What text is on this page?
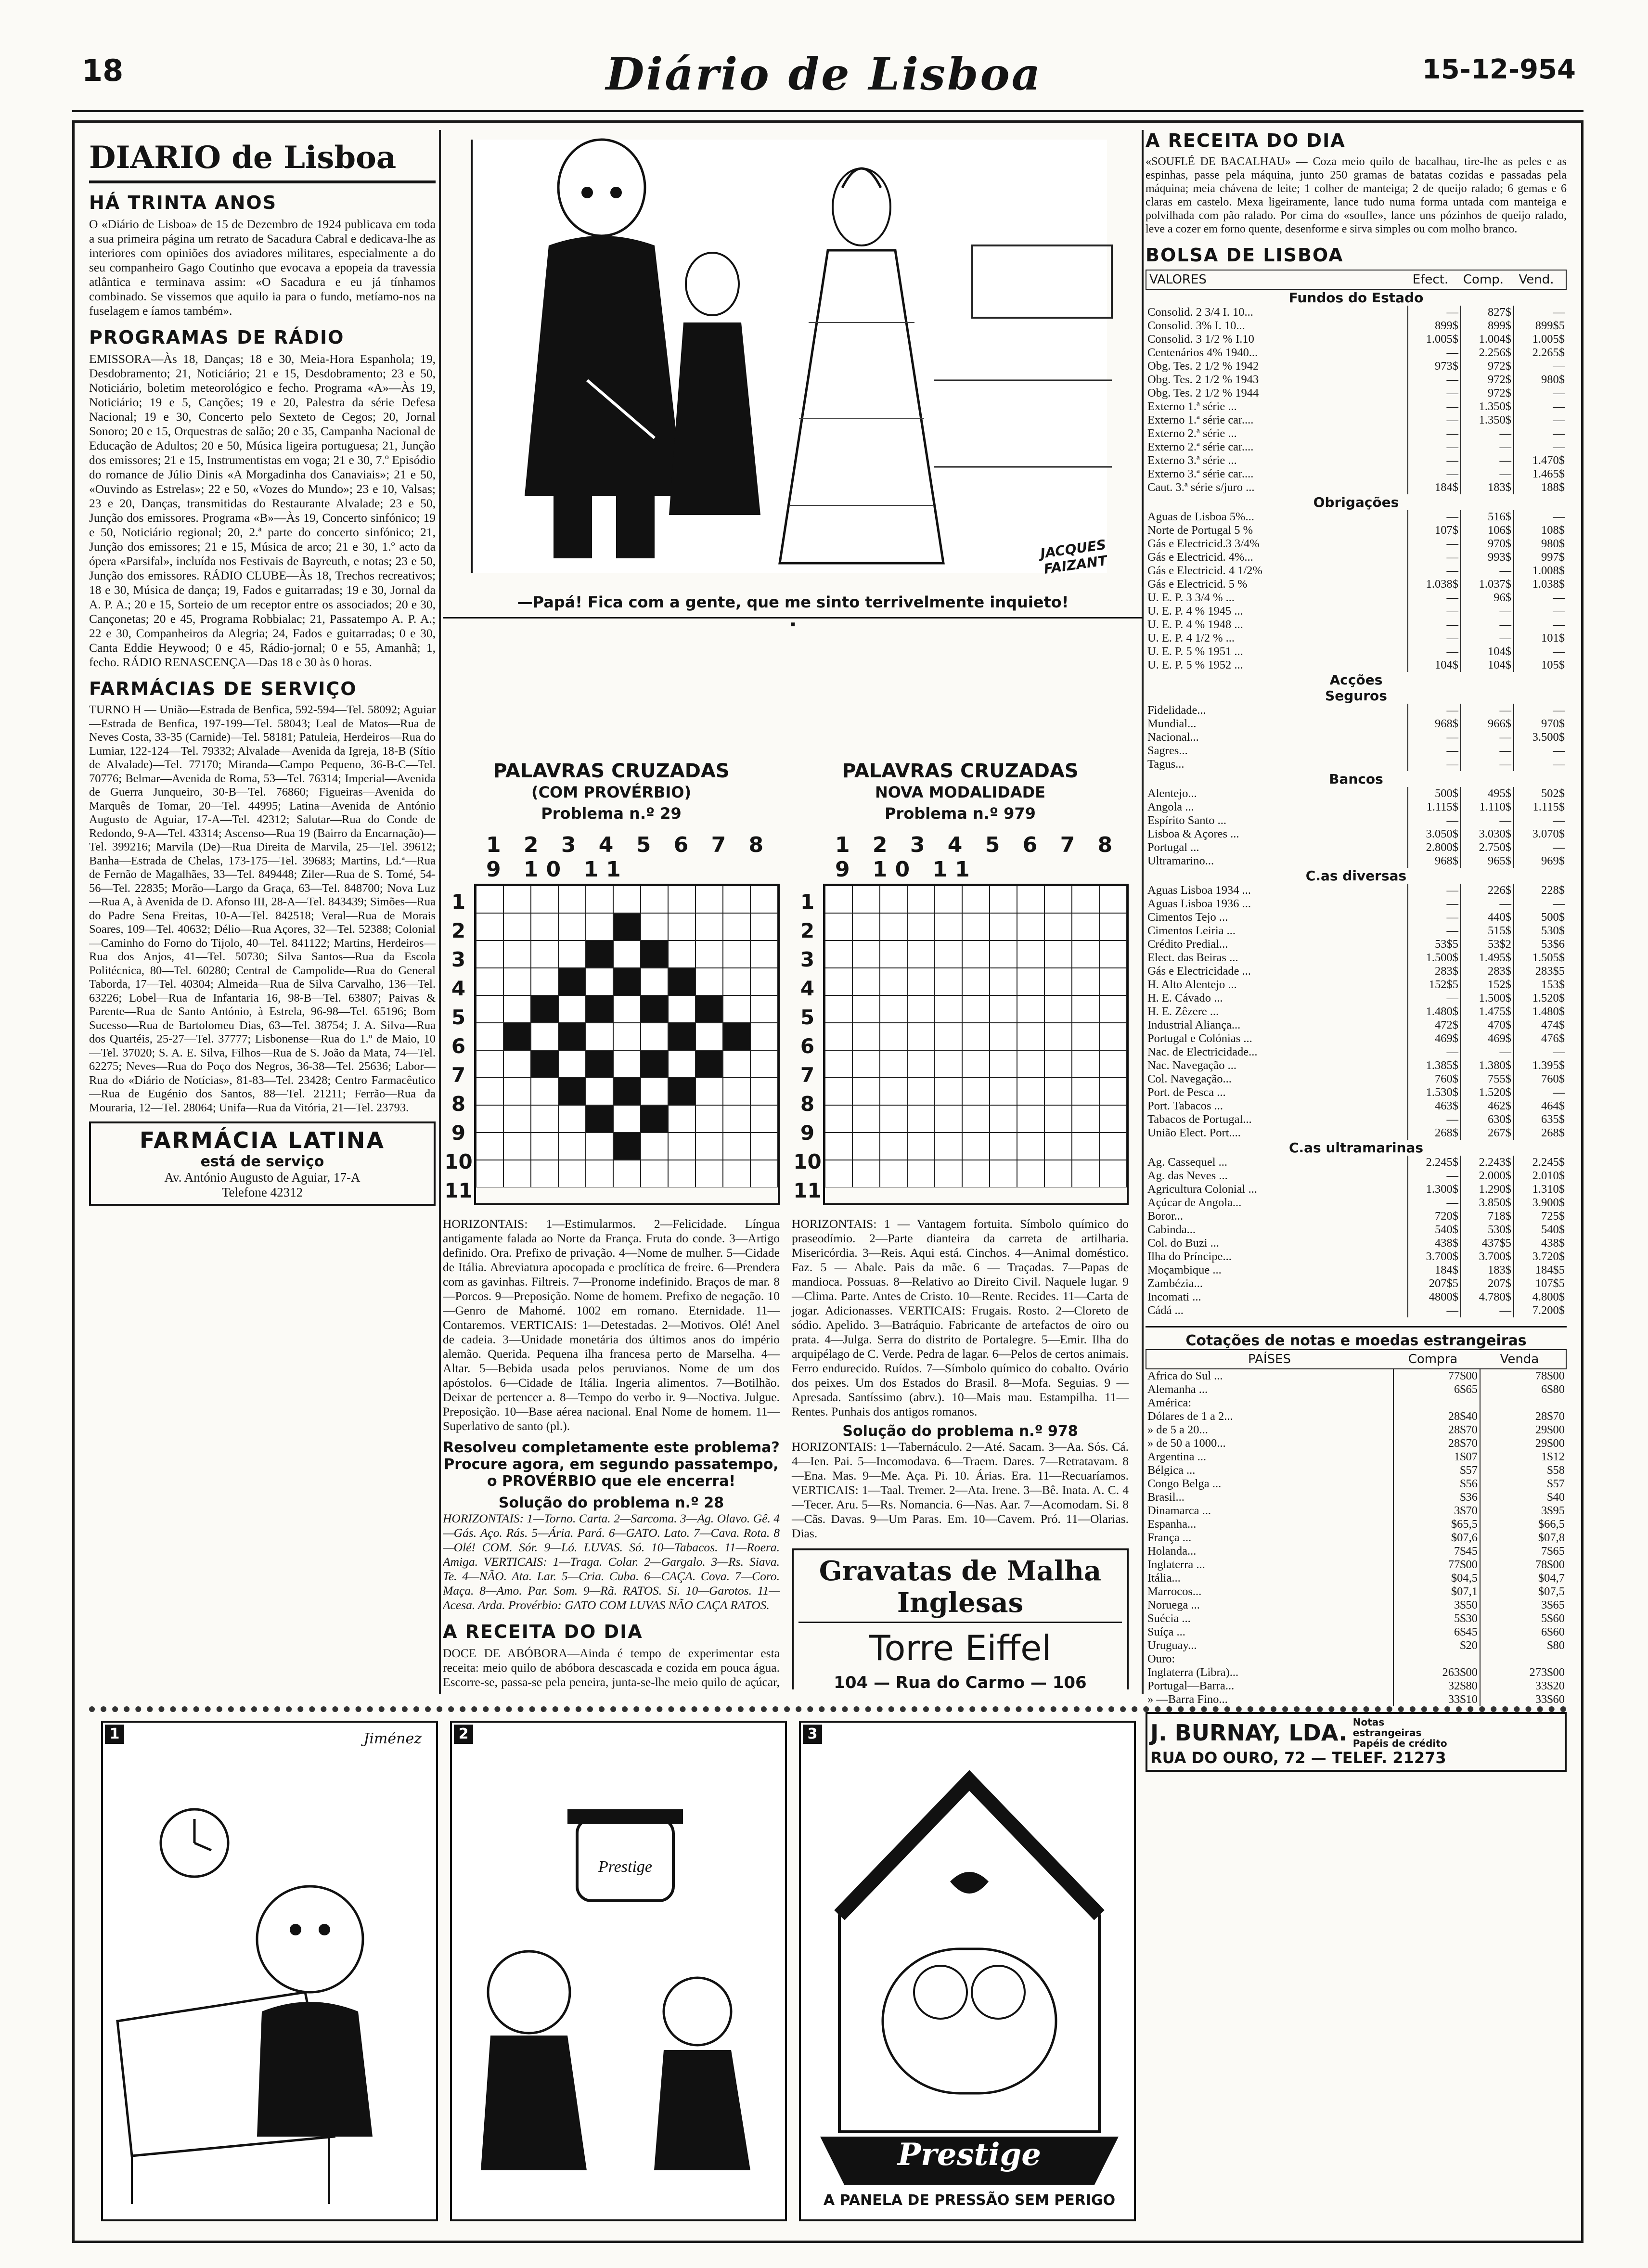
18	Diário de Lisboa	15-12-954
DIARIO de Lisboa
HÁ TRINTA ANOS
O «Diário de Lisboa» de 15 de Dezembro de 1924 publicava em toda a sua primeira página um retrato de Sacadura Cabral e dedicava-lhe as interiores com opiniões dos aviadores militares, especialmente a do seu companheiro Gago Coutinho que evocava a epopeia da travessia atlântica e terminava assim: «O Sacadura e eu já tínhamos combinado. Se vissemos que aquilo ia para o fundo, metíamo-nos na fuselagem e íamos também».
PROGRAMAS DE RÁDIO
EMISSORA—Às 18, Danças; 18 e 30, Meia-Hora Espanhola; 19, Desdobramento; 21, Noticiário; 21 e 15, Desdobramento; 23 e 50, Noticiário, boletim meteorológico e fecho. Programa «A»—Às 19, Noticiário; 19 e 5, Canções; 19 e 20, Palestra da série Defesa Nacional; 19 e 30, Concerto pelo Sexteto de Cegos; 20, Jornal Sonoro; 20 e 15, Orquestras de salão; 20 e 35, Campanha Nacional de Educação de Adultos; 20 e 50, Música ligeira portuguesa; 21, Junção dos emissores; 21 e 15, Instrumentistas em voga; 21 e 30, 7.º Episódio do romance de Júlio Dinis «A Morgadinha dos Canaviais»; 21 e 50, «Ouvindo as Estrelas»; 22 e 50, «Vozes do Mundo»; 23 e 10, Valsas; 23 e 20, Danças, transmitidas do Restaurante Alvalade; 23 e 50, Junção dos emissores. Programa «B»—Às 19, Concerto sinfónico; 19 e 50, Noticiário regional; 20, 2.ª parte do concerto sinfónico; 21, Junção dos emissores; 21 e 15, Música de arco; 21 e 30, 1.º acto da ópera «Parsifal», incluída nos Festivais de Bayreuth, e notas; 23 e 50, Junção dos emissores. RÁDIO CLUBE—Às 18, Trechos recreativos; 18 e 30, Música de dança; 19, Fados e guitarradas; 19 e 30, Jornal da A. P. A.; 20 e 15, Sorteio de um receptor entre os associados; 20 e 30, Cançonetas; 20 e 45, Programa Robbialac; 21, Passatempo A. P. A.; 22 e 30, Companheiros da Alegria; 24, Fados e guitarradas; 0 e 30, Canta Eddie Heywood; 0 e 45, Rádio-jornal; 0 e 55, Amanhã; 1, fecho. RÁDIO RENASCENÇA—Das 18 e 30 às 0 horas.
FARMÁCIAS DE SERVIÇO
TURNO H — União—Estrada de Benfica, 592-594—Tel. 58092; Aguiar—Estrada de Benfica, 197-199—Tel. 58043; Leal de Matos—Rua de Neves Costa, 33-35 (Carnide)—Tel. 58181; Patuleia, Herdeiros—Rua do Lumiar, 122-124—Tel. 79332; Alvalade—Avenida da Igreja, 18-B (Sítio de Alvalade)—Tel. 77170; Miranda—Campo Pequeno, 36-B-C—Tel. 70776; Belmar—Avenida de Roma, 53—Tel. 76314; Imperial—Avenida de Guerra Junqueiro, 30-B—Tel. 76860; Figueiras—Avenida do Marquês de Tomar, 20—Tel. 44995; Latina—Avenida de António Augusto de Aguiar, 17-A—Tel. 42312; Salutar—Rua do Conde de Redondo, 9-A—Tel. 43314; Ascenso—Rua 19 (Bairro da Encarnação)—Tel. 399216; Marvila (De)—Rua Direita de Marvila, 25—Tel. 39612; Banha—Estrada de Chelas, 173-175—Tel. 39683; Martins, Ld.ª—Rua de Fernão de Magalhães, 33—Tel. 849448; Ziler—Rua de S. Tomé, 54-56—Tel. 22835; Morão—Largo da Graça, 63—Tel. 848700; Nova Luz—Rua A, à Avenida de D. Afonso III, 28-A—Tel. 843439; Simões—Rua do Padre Sena Freitas, 10-A—Tel. 842518; Veral—Rua de Morais Soares, 109—Tel. 40632; Délio—Rua Açores, 32—Tel. 52388; Colonial—Caminho do Forno do Tijolo, 40—Tel. 841122; Martins, Herdeiros—Rua dos Anjos, 41—Tel. 50730; Silva Santos—Rua da Escola Politécnica, 80—Tel. 60280; Central de Campolide—Rua do General Taborda, 17—Tel. 40304; Almeida—Rua de Silva Carvalho, 136—Tel. 63226; Lobel—Rua de Infantaria 16, 98-B—Tel. 63807; Paivas & Parente—Rua de Santo António, à Estrela, 96-98—Tel. 65196; Bom Sucesso—Rua de Bartolomeu Dias, 63—Tel. 38754; J. A. Silva—Rua dos Quartéis, 25-27—Tel. 37777; Lisbonense—Rua do 1.º de Maio, 10—Tel. 37020; S. A. E. Silva, Filhos—Rua de S. João da Mata, 74—Tel. 62275; Neves—Rua do Poço dos Negros, 36-38—Tel. 25636; Labor—Rua do «Diário de Notícias», 81-83—Tel. 23428; Centro Farmacêutico—Rua de Eugénio dos Santos, 88—Tel. 21211; Ferrão—Rua da Mouraria, 12—Tel. 28064; Unifa—Rua da Vitória, 21—Tel. 23793.
FARMÁCIA LATINA
está de serviço
Av. António Augusto de Aguiar, 17-A
Telefone 42312
JACQUES FAIZANT
—Papá! Fica com a gente, que me sinto terrivelmente inquieto!
■
PALAVRAS CRUZADAS
(COM PROVÉRBIO)
Problema n.º 29
1 2 3 4 5 6 7 8 9 10 11
1
2
3
4
5
6
7
8
9
10
11
HORIZONTAIS: 1—Estimularmos. 2—Felicidade. Língua antigamente falada ao Norte da França. Fruta do conde. 3—Artigo definido. Ora. Prefixo de privação. 4—Nome de mulher. 5—Cidade de Itália. Abreviatura apocopada e proclítica de freire. 6—Prendera com as gavinhas. Filtreis. 7—Pronome indefinido. Braços de mar. 8—Porcos. 9—Preposição. Nome de homem. Prefixo de negação. 10—Genro de Mahomé. 1002 em romano. Eternidade. 11—Contaremos. VERTICAIS: 1—Detestadas. 2—Motivos. Olé! Anel de cadeia. 3—Unidade monetária dos últimos anos do império alemão. Querida. Pequena ilha francesa perto de Marselha. 4—Altar. 5—Bebida usada pelos peruvianos. Nome de um dos apóstolos. 6—Cidade de Itália. Ingeria alimentos. 7—Botilhão. Deixar de pertencer a. 8—Tempo do verbo ir. 9—Noctiva. Julgue. Preposição. 10—Base aérea nacional. Enal Nome de homem. 11—Superlativo de santo (pl.).
Resolveu completamente este problema? Procure agora, em segundo passatempo, o PROVÉRBIO que ele encerra!
Solução do problema n.º 28
HORIZONTAIS: 1—Torno. Carta. 2—Sarcoma. 3—Ag. Olavo. Gê. 4—Gás. Aço. Rás. 5—Ária. Pará. 6—GATO. Lato. 7—Cava. Rota. 8—Olé! COM. Sór. 9—Ló. LUVAS. Só. 10—Tabacos. 11—Roera. Amiga. VERTICAIS: 1—Traga. Colar. 2—Gargalo. 3—Rs. Siava. Te. 4—NÃO. Ata. Lar. 5—Cria. Cuba. 6—CAÇA. Cova. 7—Coro. Maça. 8—Amo. Par. Som. 9—Rã. RATOS. Si. 10—Garotos. 11—Acesa. Arda. Provérbio: GATO COM LUVAS NÃO CAÇA RATOS.
A RECEITA DO DIA
DOCE DE ABÓBORA—Ainda é tempo de experimentar esta receita: meio quilo de abóbora descascada e cozida em pouca água. Escorre-se, passa-se pela peneira, junta-se-lhe meio quilo de açúcar,
PALAVRAS CRUZADAS
NOVA MODALIDADE
Problema n.º 979
1 2 3 4 5 6 7 8 9 10 11
1
2
3
4
5
6
7
8
9
10
11
HORIZONTAIS: 1 — Vantagem fortuita. Símbolo químico do praseodímio. 2—Parte dianteira da carreta de artilharia. Misericórdia. 3—Reis. Aqui está. Cinchos. 4—Animal doméstico. Faz. 5 — Abale. Pais da mãe. 6 — Traçadas. 7—Papas de mandioca. Possuas. 8—Relativo ao Direito Civil. Naquele lugar. 9—Clima. Parte. Antes de Cristo. 10—Rente. Recides. 11—Carta de jogar. Adicionasses. VERTICAIS: Frugais. Rosto. 2—Cloreto de sódio. Apelido. 3—Batráquio. Fabricante de artefactos de oiro ou prata. 4—Julga. Serra do distrito de Portalegre. 5—Emir. Ilha do arquipélago de C. Verde. Pedra de lagar. 6—Pelos de certos animais. Ferro endurecido. Ruídos. 7—Símbolo químico do cobalto. Ovário dos peixes. Um dos Estados do Brasil. 8—Mofa. Seguias. 9 — Apresada. Santíssimo (abrv.). 10—Mais mau. Estampilha. 11—Rentes. Punhais dos antigos romanos.
Solução do problema n.º 978
HORIZONTAIS: 1—Tabernáculo. 2—Até. Sacam. 3—Aa. Sós. Cá. 4—Ien. Pai. 5—Incomodava. 6—Traem. Dares. 7—Retratavam. 8—Ena. Mas. 9—Me. Aça. Pi. 10. Árias. Era. 11—Recuaríamos. VERTICAIS: 1—Taal. Tremer. 2—Ata. Irene. 3—Bê. Inata. A. C. 4—Tecer. Aru. 5—Rs. Nomancia. 6—Nas. Aar. 7—Acomodam. Si. 8—Cãs. Davas. 9—Um Paras. Em. 10—Cavem. Pró. 11—Olarias. Dias.
Gravatas de Malha Inglesas
Torre Eiffel
104 — Rua do Carmo — 106
A RECEITA DO DIA
«SOUFLÉ DE BACALHAU» — Coza meio quilo de bacalhau, tire-lhe as peles e as espinhas, passe pela máquina, junto 250 gramas de batatas cozidas e passadas pela máquina; meia chávena de leite; 1 colher de manteiga; 2 de queijo ralado; 6 gemas e 6 claras em castelo. Mexa ligeiramente, lance tudo numa forma untada com manteiga e polvilhada com pão ralado. Por cima do «soufle», lance uns pózinhos de queijo ralado, leve a cozer em forno quente, desenforme e sirva simples ou com molho branco.
BOLSA DE LISBOA
VALORES	Efect.	Comp.	Vend.
Fundos do Estado			
Consolid. 2 3/4 I. 10...	—	827$	—
Consolid. 3% I. 10...	899$	899$	899$5
Consolid. 3 1/2 % I.10	1.005$	1.004$	1.005$
Centenários 4% 1940...	—	2.256$	2.265$
Obg. Tes. 2 1/2 % 1942	973$	972$	—
Obg. Tes. 2 1/2 % 1943	—	972$	980$
Obg. Tes. 2 1/2 % 1944	—	972$	—
Externo 1.ª série ...	—	1.350$	—
Externo 1.ª série car....	—	1.350$	—
Externo 2.ª série ...	—	—	—
Externo 2.ª série car....	—	—	—
Externo 3.ª série ...	—	—	1.470$
Externo 3.ª série car....	—	—	1.465$
Caut. 3.ª série s/juro ...	184$	183$	188$
Obrigações			
Aguas de Lisboa 5%...	—	516$	—
Norte de Portugal 5 %	107$	106$	108$
Gás e Electricid.3 3/4%	—	970$	980$
Gás e Electricid. 4%...	—	993$	997$
Gás e Electricid. 4 1/2%	—	—	1.008$
Gás e Electricid. 5 %	1.038$	1.037$	1.038$
U. E. P. 3 3/4 % ...	—	96$	—
U. E. P. 4 % 1945 ...	—	—	—
U. E. P. 4 % 1948 ...	—	—	—
U. E. P. 4 1/2 % ...	—	—	101$
U. E. P. 5 % 1951 ...	—	104$	—
U. E. P. 5 % 1952 ...	104$	104$	105$
Acções			
Seguros			
Fidelidade...	—	—	—
Mundial...	968$	966$	970$
Nacional...	—	—	3.500$
Sagres...	—	—	—
Tagus...	—	—	—
Bancos			
Alentejo...	500$	495$	502$
Angola ...	1.115$	1.110$	1.115$
Espírito Santo ...	—	—	—
Lisboa & Açores ...	3.050$	3.030$	3.070$
Portugal ...	2.800$	2.750$	—
Ultramarino...	968$	965$	969$
C.as diversas			
Aguas Lisboa 1934 ...	—	226$	228$
Aguas Lisboa 1936 ...	—	—	—
Cimentos Tejo ...	—	440$	500$
Cimentos Leiria ...	—	515$	530$
Crédito Predial...	53$5	53$2	53$6
Elect. das Beiras ...	1.500$	1.495$	1.505$
Gás e Electricidade ...	283$	283$	283$5
H. Alto Alentejo ...	152$5	152$	153$
H. E. Cávado ...	—	1.500$	1.520$
H. E. Zêzere ...	1.480$	1.475$	1.480$
Industrial Aliança...	472$	470$	474$
Portugal e Colónias ...	469$	469$	476$
Nac. de Electricidade...	—	—	—
Nac. Navegação ...	1.385$	1.380$	1.395$
Col. Navegação...	760$	755$	760$
Port. de Pesca ...	1.530$	1.520$	—
Port. Tabacos ...	463$	462$	464$
Tabacos de Portugal...	—	630$	635$
União Elect. Port....	268$	267$	268$
C.as ultramarinas			
Ag. Cassequel ...	2.245$	2.243$	2.245$
Ag. das Neves ...	—	2.000$	2.010$
Agricultura Colonial ...	1.300$	1.290$	1.310$
Açúcar de Angola...	—	3.850$	3.900$
Boror...	720$	718$	725$
Cabinda...	540$	530$	540$
Col. do Buzi ...	438$	437$5	438$
Ilha do Príncipe...	3.700$	3.700$	3.720$
Moçambique ...	184$	183$	184$5
Zambézia...	207$5	207$	107$5
Incomati ...	4800$	4.780$	4.800$
Cádá ...	—	—	7.200$
Cotações de notas e moedas estrangeiras
PAÍSES	Compra	Venda
Africa do Sul ...	77$00	78$00
Alemanha ...	6$65	6$80
América:		
Dólares de 1 a 2...	28$40	28$70
» de 5 a 20...	28$70	29$00
» de 50 a 1000...	28$70	29$00
Argentina ...	1$07	1$12
Bélgica ...	$57	$58
Congo Belga ...	$56	$57
Brasil...	$36	$40
Dinamarca ...	3$70	3$95
Espanha...	$65,5	$66,5
França ...	$07,6	$07,8
Holanda...	7$45	7$65
Inglaterra ...	77$00	78$00
Itália...	$04,5	$04,7
Marrocos...	$07,1	$07,5
Noruega ...	3$50	3$65
Suécia ...	5$30	5$60
Suíça ...	6$45	6$60
Uruguay...	$20	$80
Ouro:		
Inglaterra (Libra)...	263$00	273$00
Portugal—Barra...	32$80	33$20
» —Barra Fino...	33$10	33$60
J. BURNAY, LDA. Notas estrangeiras Papéis de crédito
RUA DO OURO, 72 — TELEF. 21273
1	Jiménez	2
Prestige
3
Prestige
A PANELA DE PRESSÃO SEM PERIGO
